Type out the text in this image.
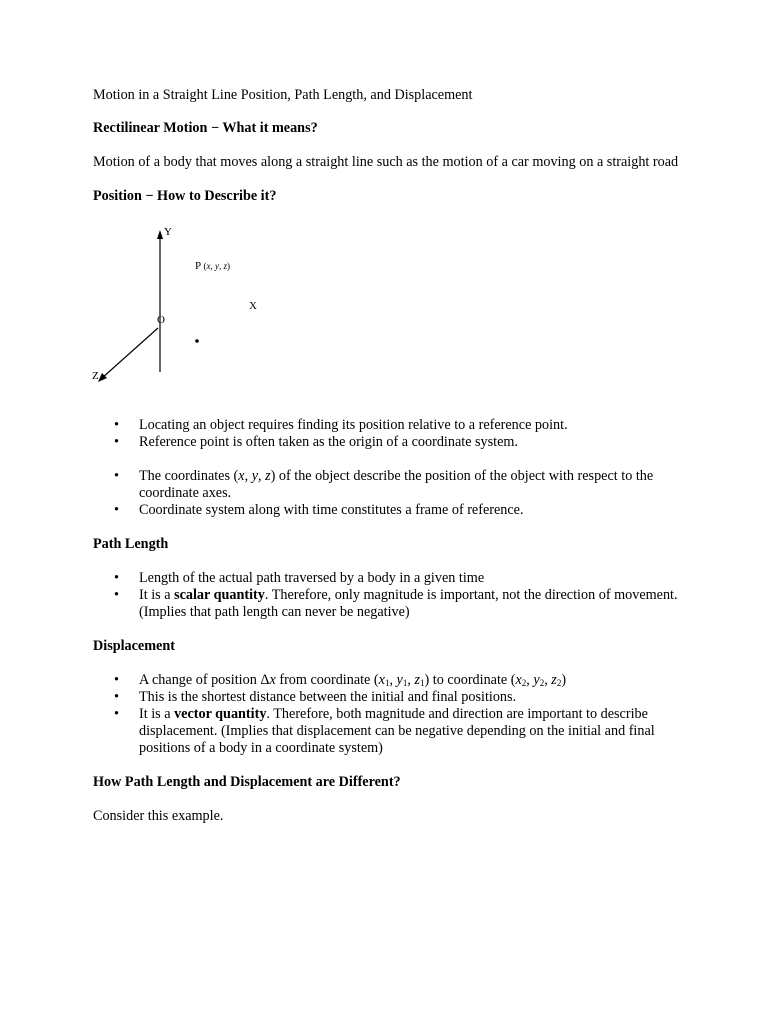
Motion in a Straight Line Position, Path Length, and Displacement

Rectilinear Motion − What it means?

Motion of a body that moves along a straight line such as the motion of a car moving on a straight road

Position − How to Describe it?

Y
X
O
P (x, y, z)
Z
• Locating an object requires finding its position relative to a reference point.
• Reference point is often taken as the origin of a coordinate system.
• The coordinates (x, y, z) of the object describe the position of the object with respect to the coordinate axes.
• Coordinate system along with time constitutes a frame of reference.

Path Length

• Length of the actual path traversed by a body in a given time
• It is a scalar quantity. Therefore, only magnitude is important, not the direction of movement. (Implies that path length can never be negative)

Displacement

• A change of position Δx from coordinate ($x_1$, $y_1$, $z_1$) to coordinate ($x_2$, $y_2$, $z_2$)
• This is the shortest distance between the initial and final positions.
• It is a vector quantity. Therefore, both magnitude and direction are important to describe displacement. (Implies that displacement can be negative depending on the initial and final positions of a body in a coordinate system)

How Path Length and Displacement are Different?

Consider this example.
